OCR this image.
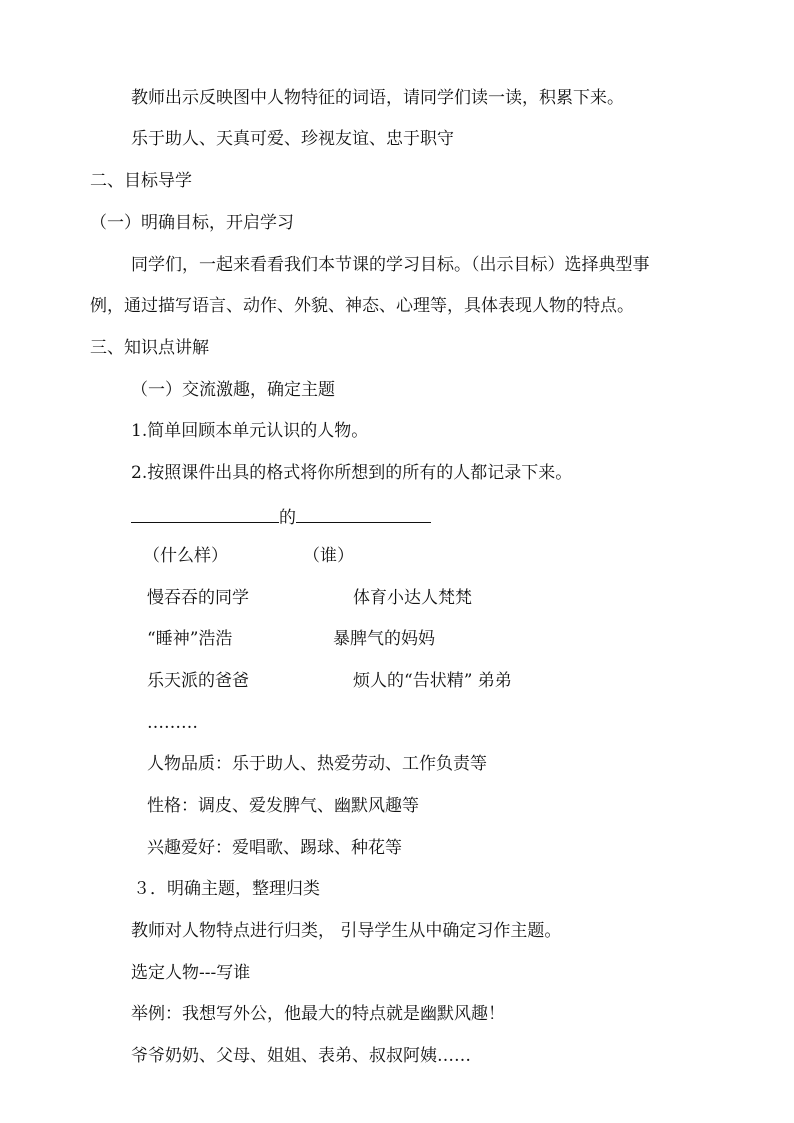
教师出示反映图中人物特征的词语，请同学们读一读，积累下来。

乐于助人、天真可爱、珍视友谊、忠于职守

二、目标导学

（一）明确目标，开启学习

同学们，一起来看看我们本节课的学习目标。（出示目标）选择典型事

例，通过描写语言、动作、外貌、神态、心理等，具体表现人物的特点。

三、知识点讲解

（一）交流激趣，确定主题

1.简单回顾本单元认识的人物。

2.按照课件出具的格式将你所想到的所有的人都记录下来。

的
（什么样）	（谁）
慢吞吞的同学	体育小达人梵梵
“睡神”浩浩	暴脾气的妈妈
乐天派的爸爸	烦人的“告状精” 弟弟

………

人物品质：乐于助人、热爱劳动、工作负责等

性格：调皮、爱发脾气、幽默风趣等

兴趣爱好：爱唱歌、踢球、种花等

３．明确主题，整理归类

教师对人物特点进行归类， 引导学生从中确定习作主题。

选定人物---写谁

举例：我想写外公，他最大的特点就是幽默风趣！

爷爷奶奶、父母、姐姐、表弟、叔叔阿姨……
